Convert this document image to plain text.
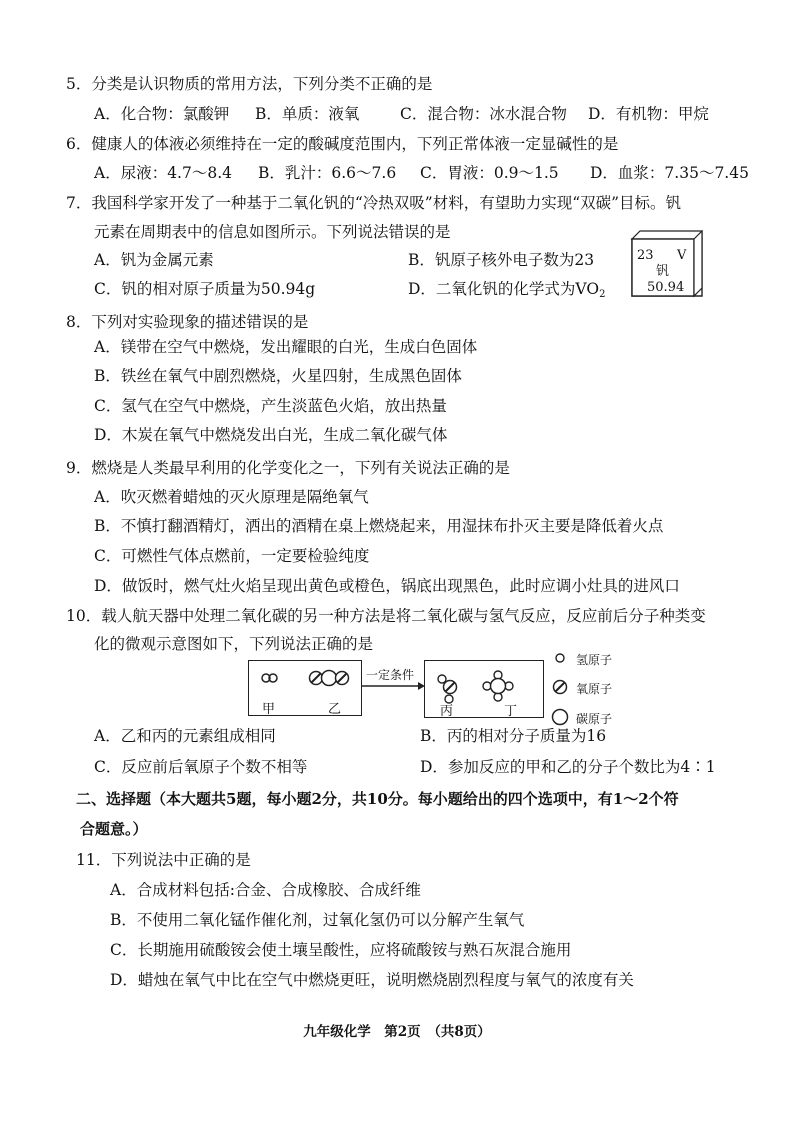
5．分类是认识物质的常用方法，下列分类不正确的是
A．化合物：氯酸钾 B．单质：液氧	C．混合物：冰水混合物 D．有机物：甲烷
6．健康人的体液必须维持在一定的酸碱度范围内，下列正常体液一定显碱性的是
A．尿液：4.7～8.4 B．乳汁：6.6～7.6 C．胃液：0.9～1.5 D．血浆：7.35～7.45
7．我国科学家开发了一种基于二氧化钒的“冷热双吸”材料，有望助力实现“双碳”目标。钒
元素在周期表中的信息如图所示。下列说法错误的是
A．钒为金属元素	B．钒原子核外电子数为23
C．钒的相对原子质量为50.94g	D．二氧化钒的化学式为$VO_2$
23 V
钒
50.94
8．下列对实验现象的描述错误的是
A．镁带在空气中燃烧，发出耀眼的白光，生成白色固体
B．铁丝在氧气中剧烈燃烧，火星四射，生成黑色固体
C．氢气在空气中燃烧，产生淡蓝色火焰，放出热量
D．木炭在氧气中燃烧发出白光，生成二氧化碳气体
9．燃烧是人类最早利用的化学变化之一，下列有关说法正确的是
A．吹灭燃着蜡烛的灭火原理是隔绝氧气
B．不慎打翻酒精灯，洒出的酒精在桌上燃烧起来，用湿抹布扑灭主要是降低着火点
C．可燃性气体点燃前，一定要检验纯度
D．做饭时，燃气灶火焰呈现出黄色或橙色，锅底出现黑色，此时应调小灶具的进风口
10．载人航天器中处理二氧化碳的另一种方法是将二氧化碳与氢气反应，反应前后分子种类变
化的微观示意图如下，下列说法正确的是
甲	乙
一定条件
丙	丁
氢原子
氧原子
碳原子
A．乙和丙的元素组成相同	B．丙的相对分子质量为16
C．反应前后氧原子个数不相等	D．参加反应的甲和乙的分子个数比为4∶1
二、选择题（本大题共5题，每小题2分，共10分。每小题给出的四个选项中，有1～2个符
合题意。）
11．下列说法中正确的是
A．合成材料包括:合金、合成橡胶、合成纤维
B．不使用二氧化锰作催化剂，过氧化氢仍可以分解产生氧气
C．长期施用硫酸铵会使土壤呈酸性，应将硫酸铵与熟石灰混合施用
D．蜡烛在氧气中比在空气中燃烧更旺，说明燃烧剧烈程度与氧气的浓度有关
九年级化学　第2页　（共8页）
